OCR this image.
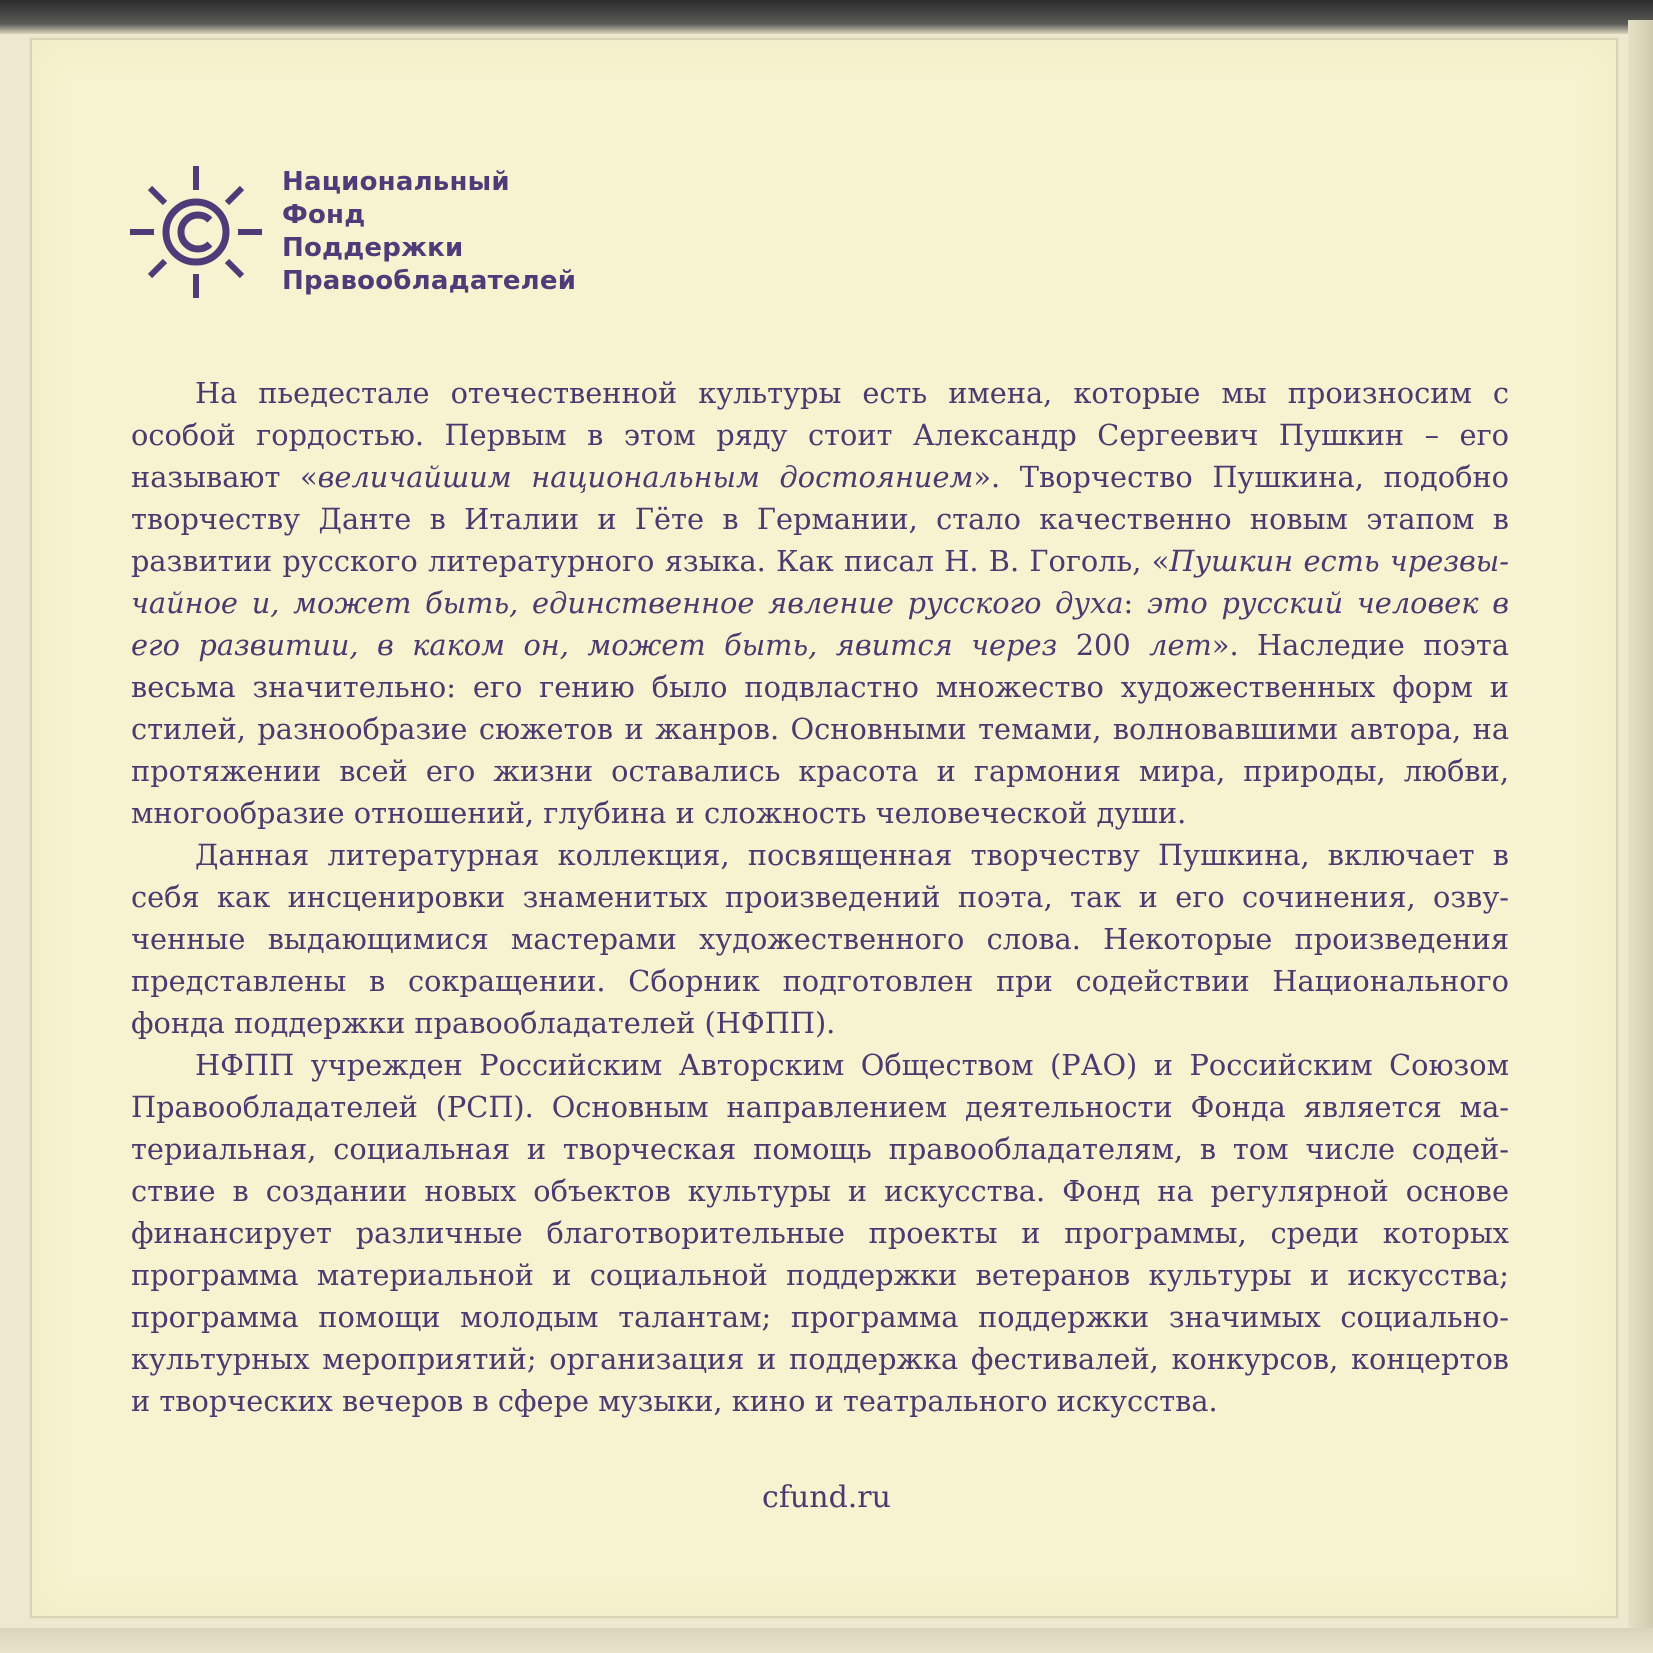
Национальный
Фонд
Поддержки
Правообладателей

На пьедестале отечественной культуры есть имена, которые мы произносим с особой гордостью. Первым в этом ряду стоит Александр Сергеевич Пушкин – его называют «величайшим национальным достоянием». Творчество Пушкина, подобно творчеству Данте в Италии и Гёте в Германии, стало качественно новым этапом в развитии русского литературного языка. Как писал Н. В. Гоголь, «Пушкин есть чрезвычайное и, может быть, единственное явление русского духа: это русский человек в его развитии, в каком он, может быть, явится через 200 лет». Наследие поэта весьма значительно: его гению было подвластно множество художественных форм и стилей, разнообразие сюжетов и жанров. Основными темами, волновавшими автора, на протяжении всей его жизни оставались красота и гармония мира, природы, любви, многообразие отношений, глубина и сложность человеческой души.

Данная литературная коллекция, посвященная творчеству Пушкина, включает в себя как инсценировки знаменитых произведений поэта, так и его сочинения, озвученные выдающимися мастерами художественного слова. Некоторые произведения представлены в сокращении. Сборник подготовлен при содействии Национального фонда поддержки правообладателей (НФПП).

НФПП учрежден Российским Авторским Обществом (РАО) и Российским Союзом Правообладателей (РСП). Основным направлением деятельности Фонда является материальная, социальная и творческая помощь правообладателям, в том числе содействие в создании новых объектов культуры и искусства. Фонд на регулярной основе финансирует различные благотворительные проекты и программы, среди которых программа материальной и социальной поддержки ветеранов культуры и искусства; программа помощи молодым талантам; программа поддержки значимых социально-культурных мероприятий; организация и поддержка фестивалей, конкурсов, концертов и творческих вечеров в сфере музыки, кино и театрального искусства.

cfund.ru
